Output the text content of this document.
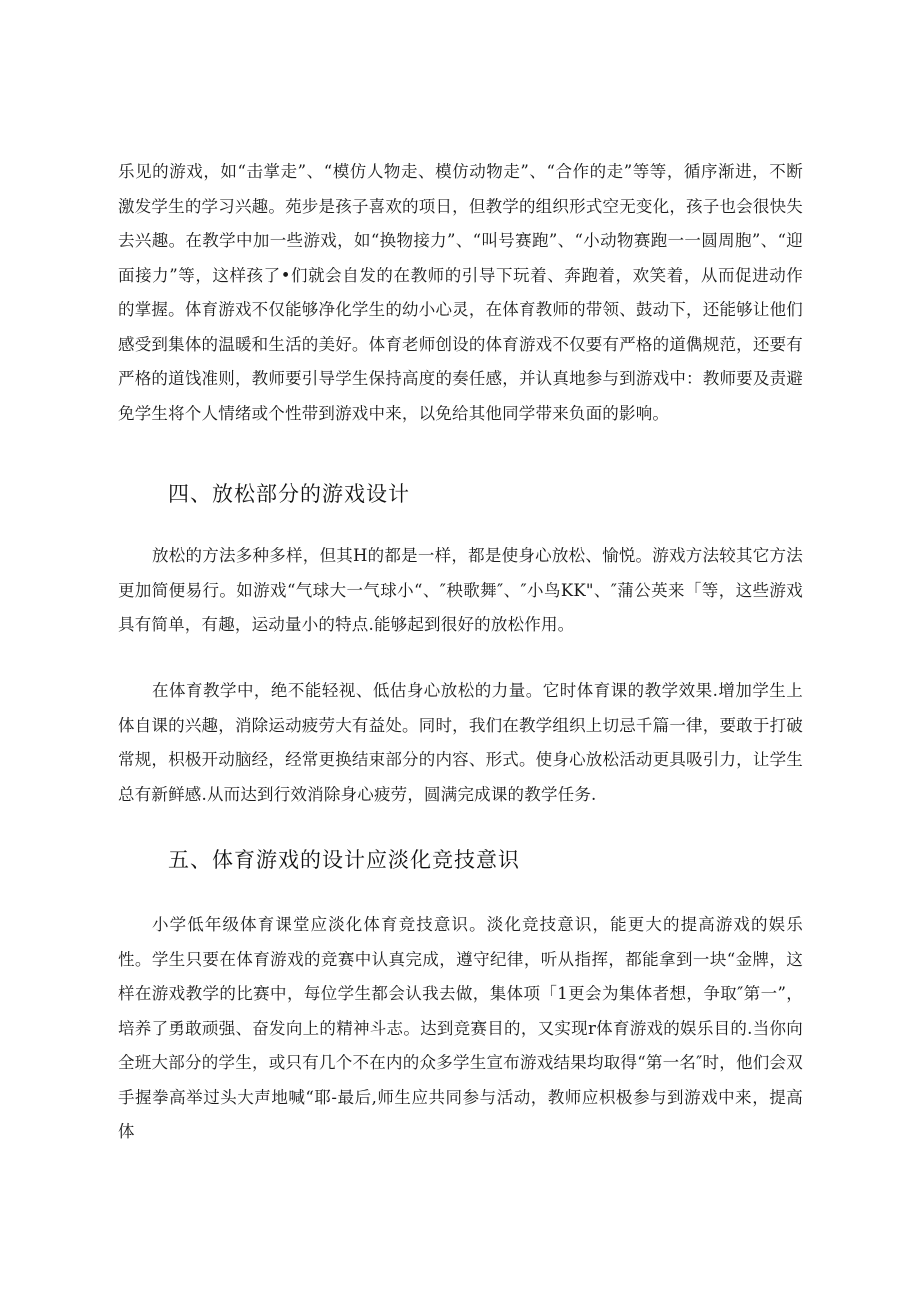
乐见的游戏，如“击掌走”、“模仿人物走、模仿动物走”、“合作的走”等等，循序渐进，不断激发学生的学习兴趣。苑步是孩子喜欢的项日，但教学的组织形式空无变化，孩子也会很快失去兴趣。在教学中加一些游戏，如“换物接力”、“叫号赛跑”、“小动物赛跑一一圆周胞”、“迎面接力”等，这样孩了•们就会自发的在教师的引导下玩着、奔跑着，欢笑着，从而促进动作的掌握。体育游戏不仅能够净化学生的幼小心灵，在体育教师的带领、鼓动下，还能够让他们感受到集体的温暖和生活的美好。体育老师创设的体育游戏不仅要有严格的道儁规范，还要有严格的道饯准则，教师要引导学生保持高度的奏任感，并认真地参与到游戏中：教师要及责避免学生将个人情绪或个性带到游戏中来，以免给其他同学带来负面的影响。

四、放松部分的游戏设计

放松的方法多种多样，但其H的都是一样，都是使身心放松、愉悦。游戏方法较其它方法更加简便易行。如游戏“气球大一气球小“、″秧歌舞″、″小鸟KK"、″蒲公英来「等，这些游戏具有简单，有趣，运动量小的特点.能够起到很好的放松作用。

在体育教学中，绝不能轻视、低估身心放松的力量。它时体育课的教学效果.增加学生上体自课的兴趣，消除运动疲劳大有益处。同时，我们在教学组织上切忌千篇一律，要敢于打破常规，枳极开动脑经，经常更换结束部分的内容、形式。使身心放松活动更具吸引力，让学生总有新鲜感.从而达到行效消除身心疲劳，圆满完成课的教学任务.

五、体育游戏的设计应淡化竞技意识

小学低年级体育课堂应淡化体育竞技意识。淡化竞技意识，能更大的提高游戏的娱乐性。学生只要在体育游戏的竞赛中认真完成，遵守纪律，听从指挥，都能拿到一块“金牌，这样在游戏教学的比赛中，每位学生都会认我去做，集体项「1更会为集体者想，争取″第一”，培养了勇敢顽强、奋发向上的精神斗志。达到竞赛目的，又实现r体育游戏的娱乐目的.当你向全班大部分的学生，或只有几个不在内的众多学生宣布游戏结果均取得“第一名″时，他们会双手握拳高举过头大声地喊“耶-最后,师生应共同参与活动，教师应枳极参与到游戏中来，提高体
